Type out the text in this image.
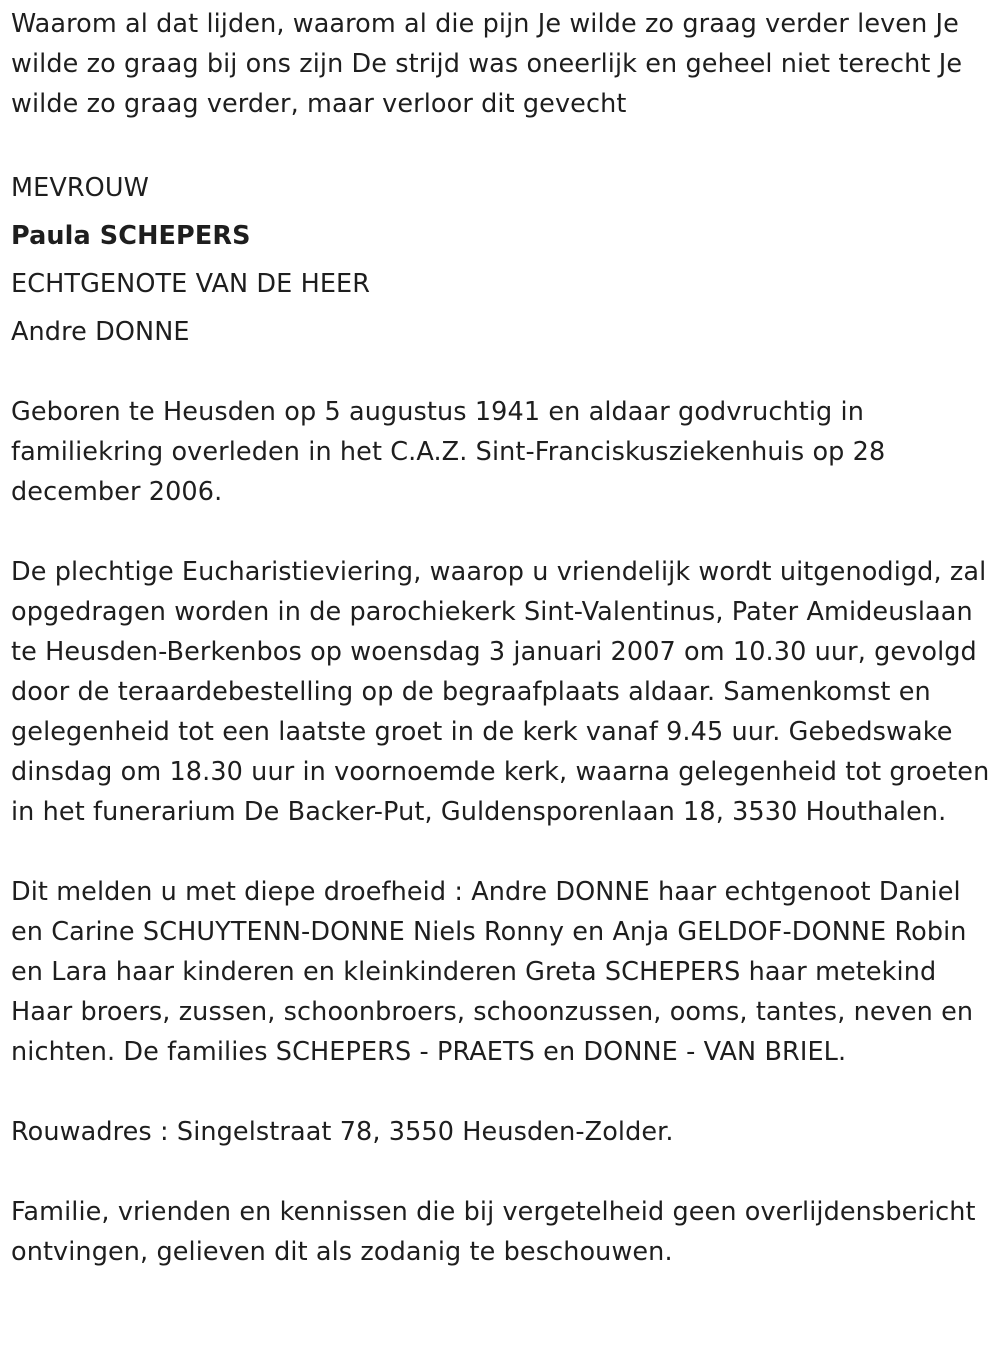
Waarom al dat lijden, waarom al die pijn Je wilde zo graag verder leven Je wilde zo graag bij ons zijn De strijd was oneerlijk en geheel niet terecht Je wilde zo graag verder, maar verloor dit gevecht

MEVROUW

Paula SCHEPERS

ECHTGENOTE VAN DE HEER

Andre DONNE

Geboren te Heusden op 5 augustus 1941 en aldaar godvruchtig in familiekring overleden in het C.A.Z. Sint-Franciskusziekenhuis op 28 december 2006.

De plechtige Eucharistieviering, waarop u vriendelijk wordt uitgenodigd, zal opgedragen worden in de parochiekerk Sint-Valentinus, Pater Amideuslaan te Heusden-Berkenbos op woensdag 3 januari 2007 om 10.30 uur, gevolgd door de teraardebestelling op de begraafplaats aldaar. Samenkomst en gelegenheid tot een laatste groet in de kerk vanaf 9.45 uur. Gebedswake dinsdag om 18.30 uur in voornoemde kerk, waarna gelegenheid tot groeten in het funerarium De Backer-Put, Guldensporenlaan 18, 3530 Houthalen.

Dit melden u met diepe droefheid : Andre DONNE haar echtgenoot Daniel en Carine SCHUYTENN-DONNE Niels Ronny en Anja GELDOF-DONNE Robin en Lara haar kinderen en kleinkinderen Greta SCHEPERS haar metekind Haar broers, zussen, schoonbroers, schoonzussen, ooms, tantes, neven en nichten. De families SCHEPERS - PRAETS en DONNE - VAN BRIEL.

Rouwadres : Singelstraat 78, 3550 Heusden-Zolder.

Familie, vrienden en kennissen die bij vergetelheid geen overlijdensbericht ontvingen, gelieven dit als zodanig te beschouwen.
